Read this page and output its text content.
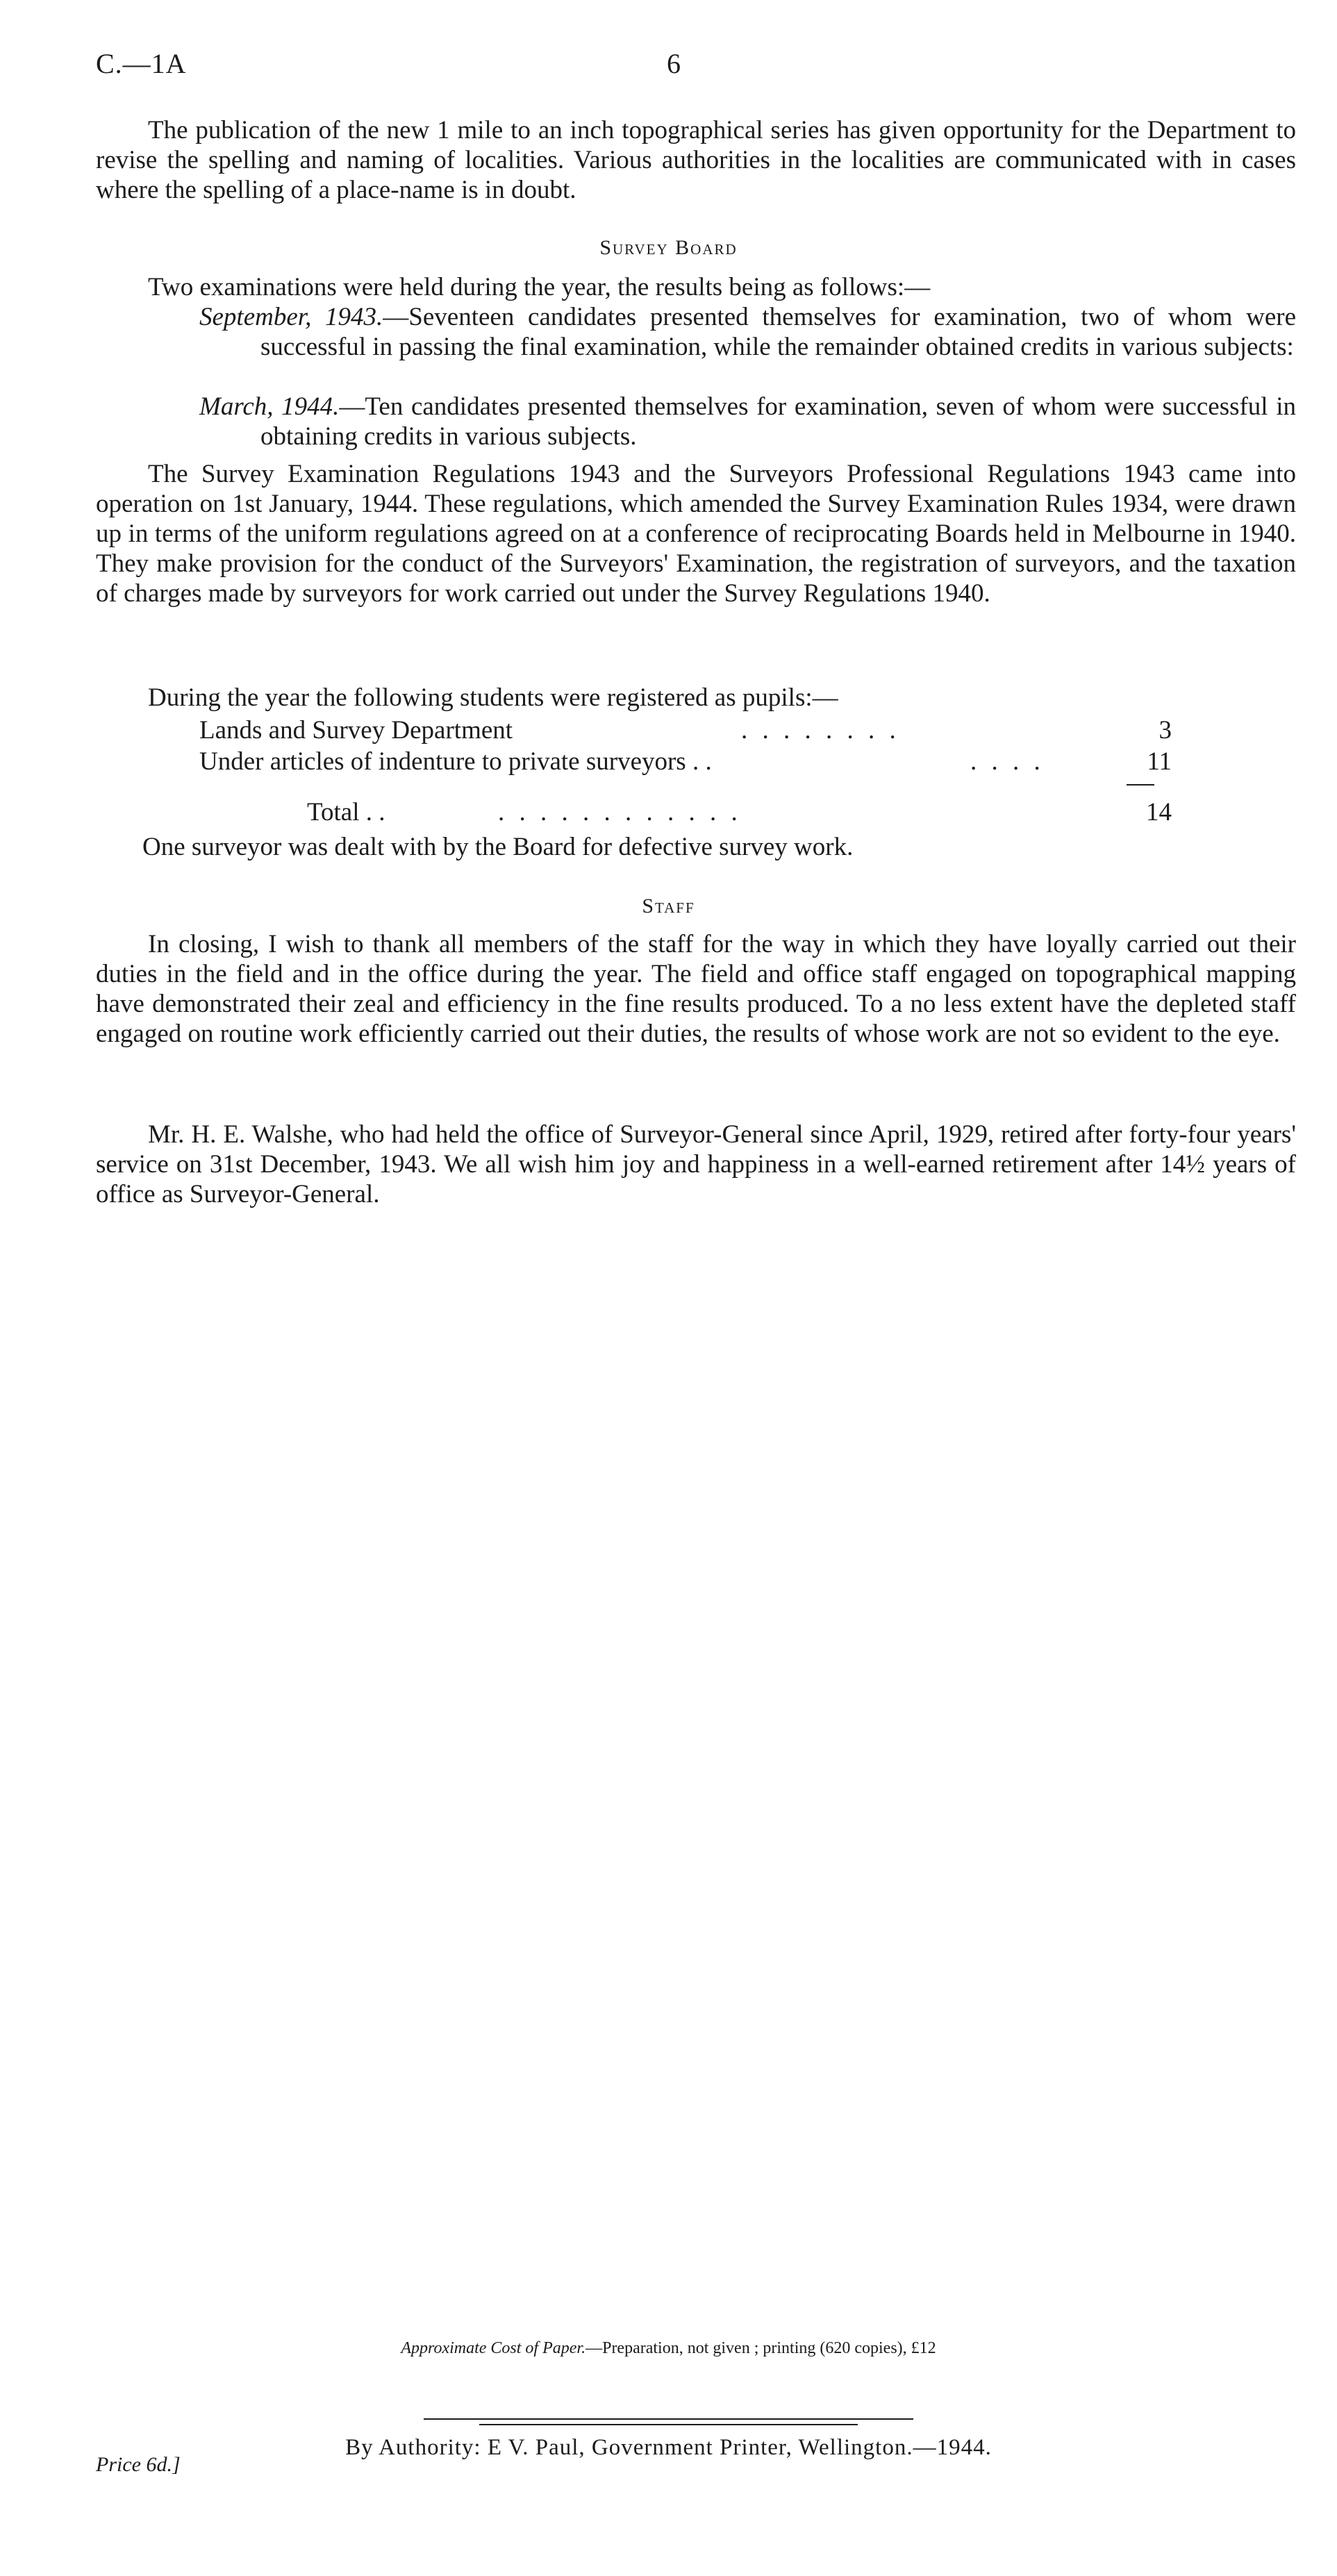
C.—1A	6

The publication of the new 1 mile to an inch topographical series has given opportunity for the Department to revise the spelling and naming of localities. Various authorities in the localities are communicated with in cases where the spelling of a place-name is in doubt.

Survey Board
Two examinations were held during the year, the results being as follows:—
September, 1943.—Seventeen candidates presented themselves for examination, two of whom were successful in passing the final examination, while the remainder obtained credits in various subjects:
March, 1944.—Ten candidates presented themselves for examination, seven of whom were successful in obtaining credits in various subjects.

The Survey Examination Regulations 1943 and the Surveyors Professional Regulations 1943 came into operation on 1st January, 1944. These regulations, which amended the Survey Examination Rules 1934, were drawn up in terms of the uniform regulations agreed on at a conference of reciprocating Boards held in Melbourne in 1940. They make provision for the conduct of the Surveyors' Examination, the registration of surveyors, and the taxation of charges made by surveyors for work carried out under the Survey Regulations 1940.

During the year the following students were registered as pupils:—
Lands and Survey Department	. . . . . . . .	3
Under articles of indenture to private surveyors . .	. . . .	11
Total . .	. . . . . . . . . . . .	14
One surveyor was dealt with by the Board for defective survey work.
Staff

In closing, I wish to thank all members of the staff for the way in which they have loyally carried out their duties in the field and in the office during the year. The field and office staff engaged on topographical mapping have demonstrated their zeal and efficiency in the fine results produced. To a no less extent have the depleted staff engaged on routine work efficiently carried out their duties, the results of whose work are not so evident to the eye.

Mr. H. E. Walshe, who had held the office of Surveyor-General since April, 1929, retired after forty-four years' service on 31st December, 1943. We all wish him joy and happiness in a well-earned retirement after 14½ years of office as Surveyor-General.

Approximate Cost of Paper.—Preparation, not given ; printing (620 copies), £12
By Authority: E V. Paul, Government Printer, Wellington.—1944.
Price 6d.]
